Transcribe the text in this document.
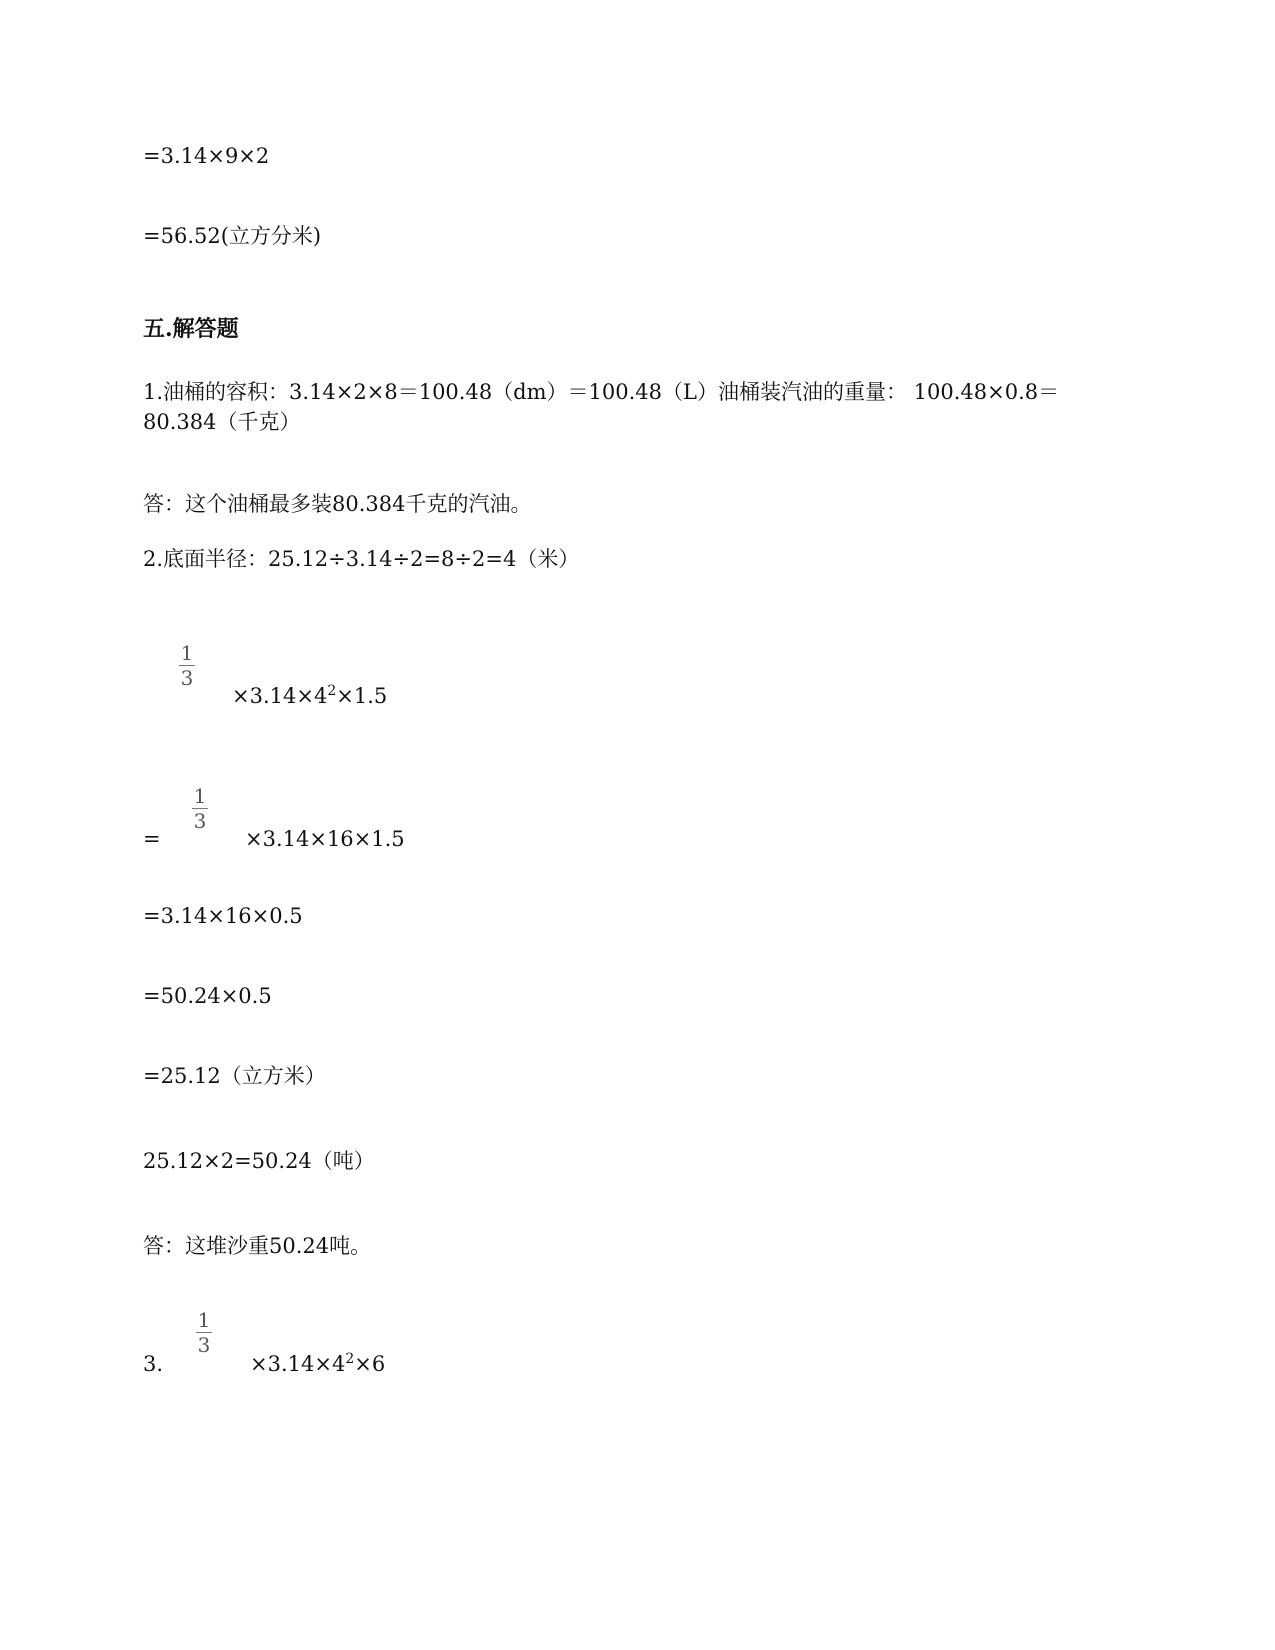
=3.14×9×2
=56.52(立方分米)
五.解答题
1.油桶的容积：3.14×2×8＝100.48（dm）＝100.48（L）油桶装汽油的重量： 100.48×0.8＝
80.384（千克）
答：这个油桶最多装80.384千克的汽油。
2.底面半径：25.12÷3.14÷2=8÷2=4（米）
1
3
$\times 3.14\times 4^2\times 1.5$
=
1
3
×3.14×16×1.5
=3.14×16×0.5
=50.24×0.5
=25.12（立方米）
25.12×2=50.24（吨）
答：这堆沙重50.24吨。
3.
1
3
$\times 3.14\times 4^2\times 6$
